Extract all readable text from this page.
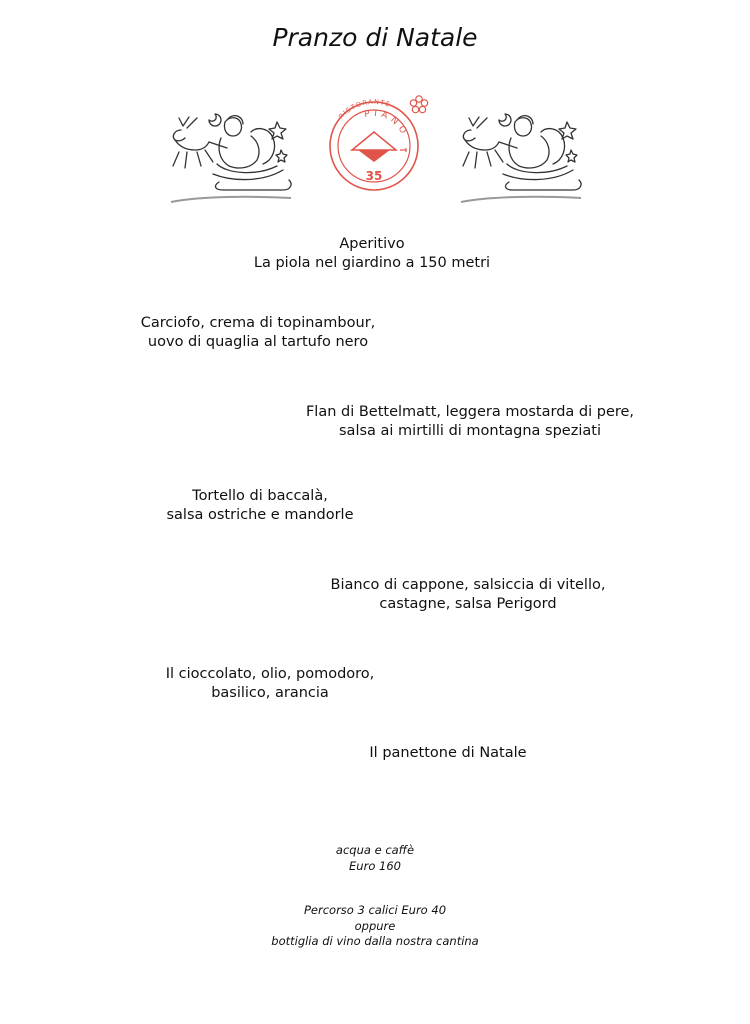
Pranzo di Natale
RISTORANTE
PIANO
35
Aperitivo
La piola nel giardino a 150 metri
Carciofo, crema di topinambour,
uovo di quaglia al tartufo nero
Flan di Bettelmatt, leggera mostarda di pere,
salsa ai mirtilli di montagna speziati
Tortello di baccalà,
salsa ostriche e mandorle
Bianco di cappone, salsiccia di vitello,
castagne, salsa Perigord
Il cioccolato, olio, pomodoro,
basilico, arancia
Il panettone di Natale
acqua e caffè
Euro 160
Percorso 3 calici Euro 40
oppure
bottiglia di vino dalla nostra cantina
